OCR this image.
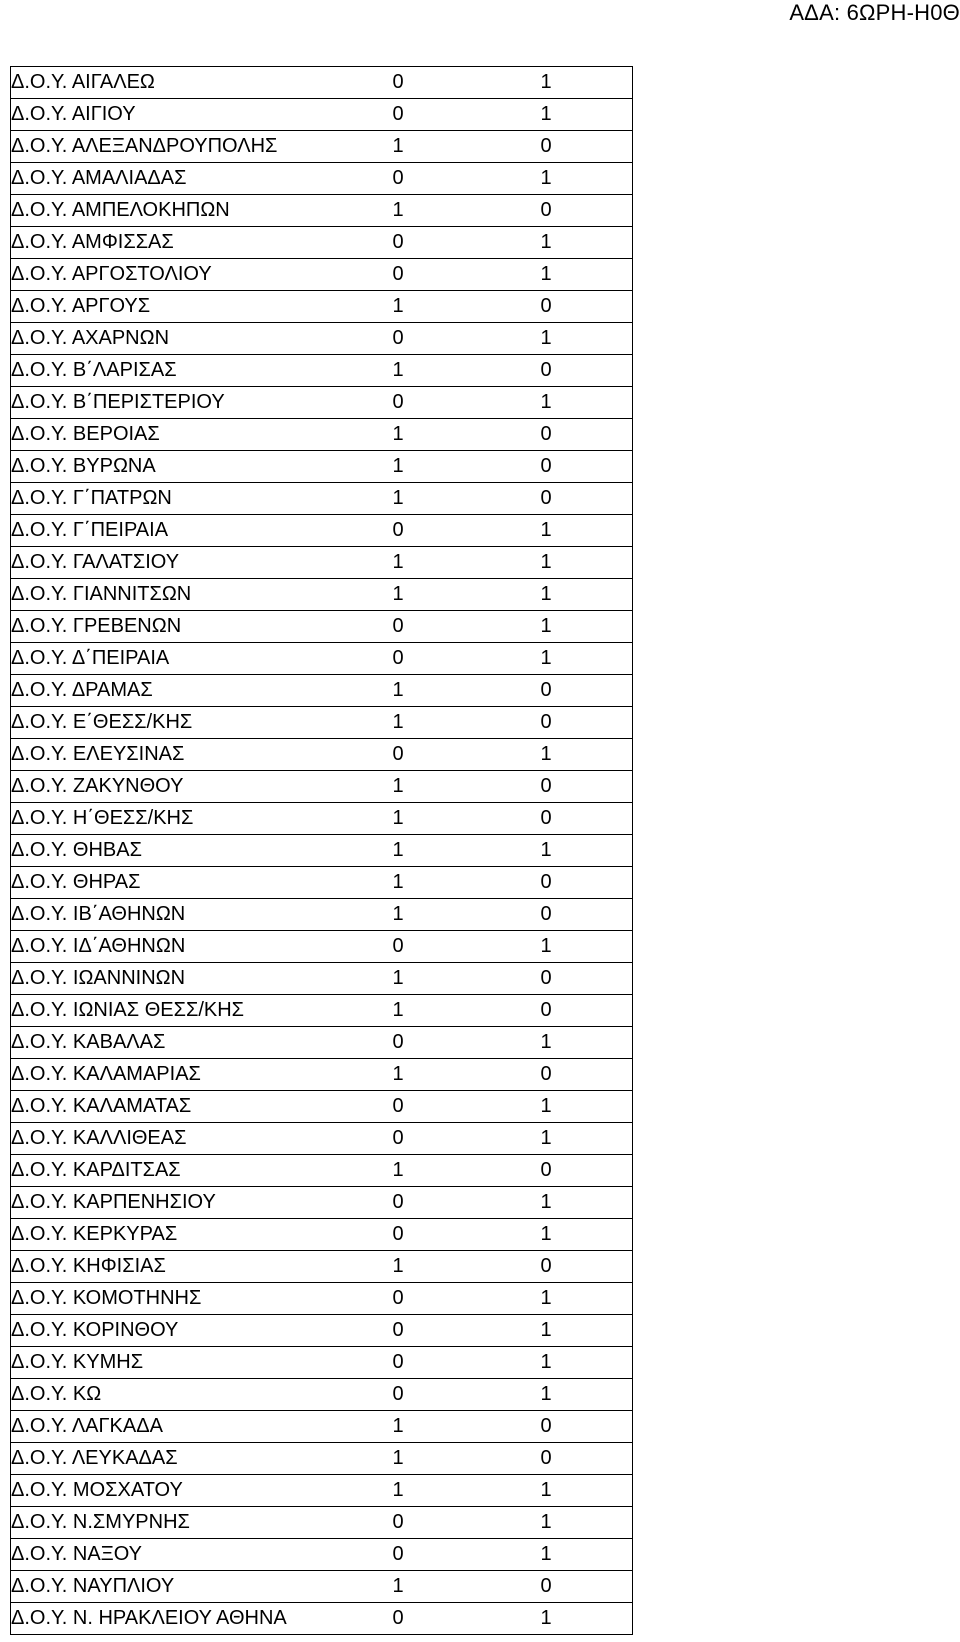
ΑΔΑ: 6ΩΡΗ-Η0Θ
Δ.Ο.Υ. ΑΙΓΑΛΕΩ	0	1
Δ.Ο.Υ. ΑΙΓΙΟΥ	0	1
Δ.Ο.Υ. ΑΛΕΞΑΝΔΡΟΥΠΟΛΗΣ	1	0
Δ.Ο.Υ. ΑΜΑΛΙΑΔΑΣ	0	1
Δ.Ο.Υ. ΑΜΠΕΛΟΚΗΠΩΝ	1	0
Δ.Ο.Υ. ΑΜΦΙΣΣΑΣ	0	1
Δ.Ο.Υ. ΑΡΓΟΣΤΟΛΙΟΥ	0	1
Δ.Ο.Υ. ΑΡΓΟΥΣ	1	0
Δ.Ο.Υ. ΑΧΑΡΝΩΝ	0	1
Δ.Ο.Υ. Β΄ΛΑΡΙΣΑΣ	1	0
Δ.Ο.Υ. Β΄ΠΕΡΙΣΤΕΡΙΟΥ	0	1
Δ.Ο.Υ. ΒΕΡΟΙΑΣ	1	0
Δ.Ο.Υ. ΒΥΡΩΝΑ	1	0
Δ.Ο.Υ. Γ΄ΠΑΤΡΩΝ	1	0
Δ.Ο.Υ. Γ΄ΠΕΙΡΑΙΑ	0	1
Δ.Ο.Υ. ΓΑΛΑΤΣΙΟΥ	1	1
Δ.Ο.Υ. ΓΙΑΝΝΙΤΣΩΝ	1	1
Δ.Ο.Υ. ΓΡΕΒΕΝΩΝ	0	1
Δ.Ο.Υ. Δ΄ΠΕΙΡΑΙΑ	0	1
Δ.Ο.Υ. ΔΡΑΜΑΣ	1	0
Δ.Ο.Υ. Ε΄ΘΕΣΣ/ΚΗΣ	1	0
Δ.Ο.Υ. ΕΛΕΥΣΙΝΑΣ	0	1
Δ.Ο.Υ. ΖΑΚΥΝΘΟΥ	1	0
Δ.Ο.Υ. Η΄ΘΕΣΣ/ΚΗΣ	1	0
Δ.Ο.Υ. ΘΗΒΑΣ	1	1
Δ.Ο.Υ. ΘΗΡΑΣ	1	0
Δ.Ο.Υ. ΙΒ΄ΑΘΗΝΩΝ	1	0
Δ.Ο.Υ. ΙΔ΄ΑΘΗΝΩΝ	0	1
Δ.Ο.Υ. ΙΩΑΝΝΙΝΩΝ	1	0
Δ.Ο.Υ. ΙΩΝΙΑΣ ΘΕΣΣ/ΚΗΣ	1	0
Δ.Ο.Υ. ΚΑΒΑΛΑΣ	0	1
Δ.Ο.Υ. ΚΑΛΑΜΑΡΙΑΣ	1	0
Δ.Ο.Υ. ΚΑΛΑΜΑΤΑΣ	0	1
Δ.Ο.Υ. ΚΑΛΛΙΘΕΑΣ	0	1
Δ.Ο.Υ. ΚΑΡΔΙΤΣΑΣ	1	0
Δ.Ο.Υ. ΚΑΡΠΕΝΗΣΙΟΥ	0	1
Δ.Ο.Υ. ΚΕΡΚΥΡΑΣ	0	1
Δ.Ο.Υ. ΚΗΦΙΣΙΑΣ	1	0
Δ.Ο.Υ. ΚΟΜΟΤΗΝΗΣ	0	1
Δ.Ο.Υ. ΚΟΡΙΝΘΟΥ	0	1
Δ.Ο.Υ. ΚΥΜΗΣ	0	1
Δ.Ο.Υ. ΚΩ	0	1
Δ.Ο.Υ. ΛΑΓΚΑΔΑ	1	0
Δ.Ο.Υ. ΛΕΥΚΑΔΑΣ	1	0
Δ.Ο.Υ. ΜΟΣΧΑΤΟΥ	1	1
Δ.Ο.Υ. Ν.ΣΜΥΡΝΗΣ	0	1
Δ.Ο.Υ. ΝΑΞΟΥ	0	1
Δ.Ο.Υ. ΝΑΥΠΛΙΟΥ	1	0
Δ.Ο.Υ. Ν. ΗΡΑΚΛΕΙΟΥ ΑΘΗΝΑ	0	1
